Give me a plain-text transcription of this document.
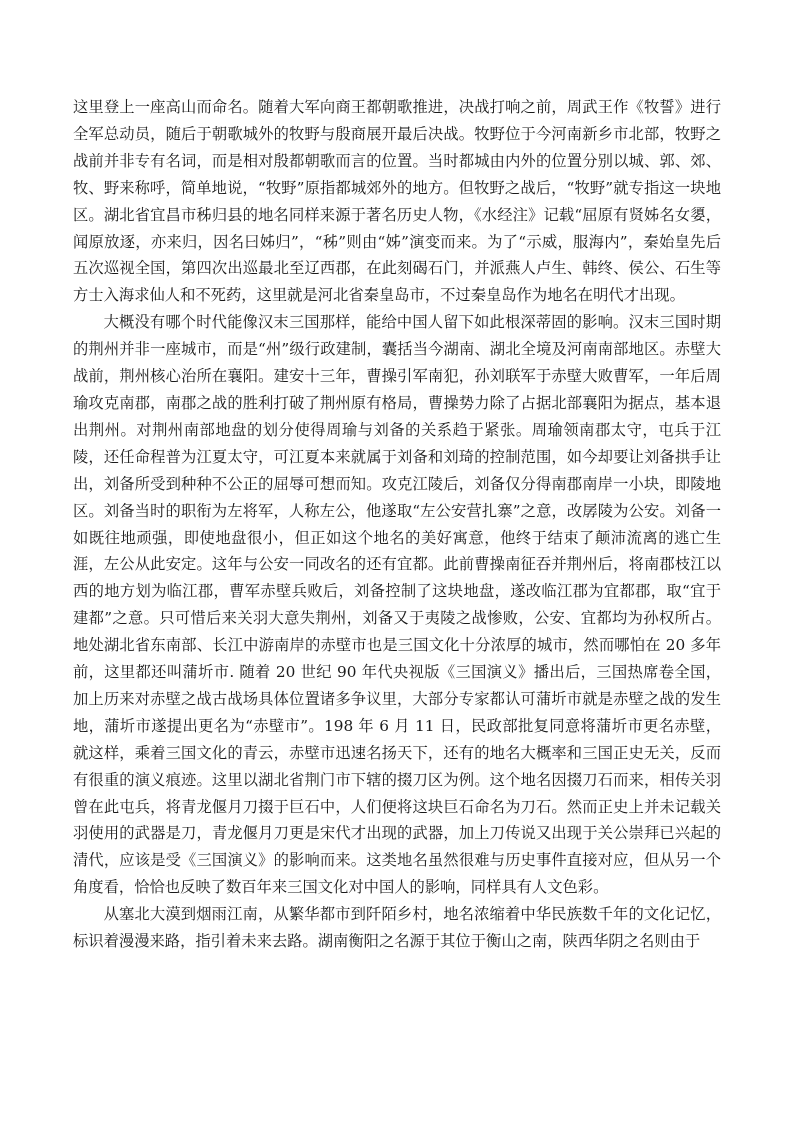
这里登上一座高山而命名。随着大军向商王都朝歌推进，决战打响之前，周武王作《牧誓》进行全军总动员，随后于朝歌城外的牧野与殷商展开最后决战。牧野位于今河南新乡市北部，牧野之战前并非专有名词，而是相对殷都朝歌而言的位置。当时都城由内外的位置分别以城、郭、郊、牧、野来称呼，简单地说，“牧野”原指都城郊外的地方。但牧野之战后，“牧野”就专指这一块地区。湖北省宜昌市秭归县的地名同样来源于著名历史人物，《水经注》记载“屈原有贤姊名女嬃，闻原放逐，亦来归，因名曰姊归”，“秭”则由“姊”演变而来。为了“示威，服海内”，秦始皇先后五次巡视全国，第四次出巡最北至辽西郡，在此刻碣石门，并派燕人卢生、韩终、侯公、石生等方士入海求仙人和不死药，这里就是河北省秦皇岛市，不过秦皇岛作为地名在明代才出现。

大概没有哪个时代能像汉末三国那样，能给中国人留下如此根深蒂固的影响。汉末三国时期的荆州并非一座城市，而是“州”级行政建制，囊括当今湖南、湖北全境及河南南部地区。赤壁大战前，荆州核心治所在襄阳。建安十三年，曹操引军南犯，孙刘联军于赤壁大败曹军，一年后周瑜攻克南郡，南郡之战的胜利打破了荆州原有格局，曹操势力除了占据北部襄阳为据点，基本退出荆州。对荆州南部地盘的划分使得周瑜与刘备的关系趋于紧张。周瑜领南郡太守，屯兵于江陵，还任命程普为江夏太守，可江夏本来就属于刘备和刘琦的控制范围，如今却要让刘备拱手让出，刘备所受到种种不公正的屈辱可想而知。攻克江陵后，刘备仅分得南郡南岸一小块，即陵地区。刘备当时的职衔为左将军，人称左公，他遂取“左公安营扎寨”之意，改孱陵为公安。刘备一如既往地顽强，即使地盘很小，但正如这个地名的美好寓意，他终于结束了颠沛流离的逃亡生涯，左公从此安定。这年与公安一同改名的还有宜都。此前曹操南征吞并荆州后，将南郡枝江以西的地方划为临江郡，曹军赤壁兵败后，刘备控制了这块地盘，遂改临江郡为宜都郡，取“宜于建都”之意。只可惜后来关羽大意失荆州，刘备又于夷陵之战惨败，公安、宜都均为孙权所占。地处湖北省东南部、长江中游南岸的赤壁市也是三国文化十分浓厚的城市，然而哪怕在 20 多年前，这里都还叫蒲圻市. 随着 20 世纪 90 年代央视版《三国演义》播出后，三国热席卷全国，加上历来对赤壁之战古战场具体位置诸多争议里，大部分专家都认可蒲圻市就是赤壁之战的发生地，蒲圻市遂提出更名为“赤壁市”。198 年 6 月 11 日，民政部批复同意将蒲圻市更名赤壁，就这样，乘着三国文化的青云，赤壁市迅速名扬天下，还有的地名大概率和三国正史无关，反而有很重的演义痕迹。这里以湖北省荆门市下辖的掇刀区为例。这个地名因掇刀石而来，相传关羽曾在此屯兵，将青龙偃月刀掇于巨石中，人们便将这块巨石命名为刀石。然而正史上并未记载关羽使用的武器是刀，青龙偃月刀更是宋代才出现的武器，加上刀传说又出现于关公崇拜已兴起的清代，应该是受《三国演义》的影响而来。这类地名虽然很难与历史事件直接对应，但从另一个角度看，恰恰也反映了数百年来三国文化对中国人的影响，同样具有人文色彩。

从塞北大漠到烟雨江南，从繁华都市到阡陌乡村，地名浓缩着中华民族数千年的文化记忆，标识着漫漫来路，指引着未来去路。湖南衡阳之名源于其位于衡山之南，陕西华阴之名则由于
